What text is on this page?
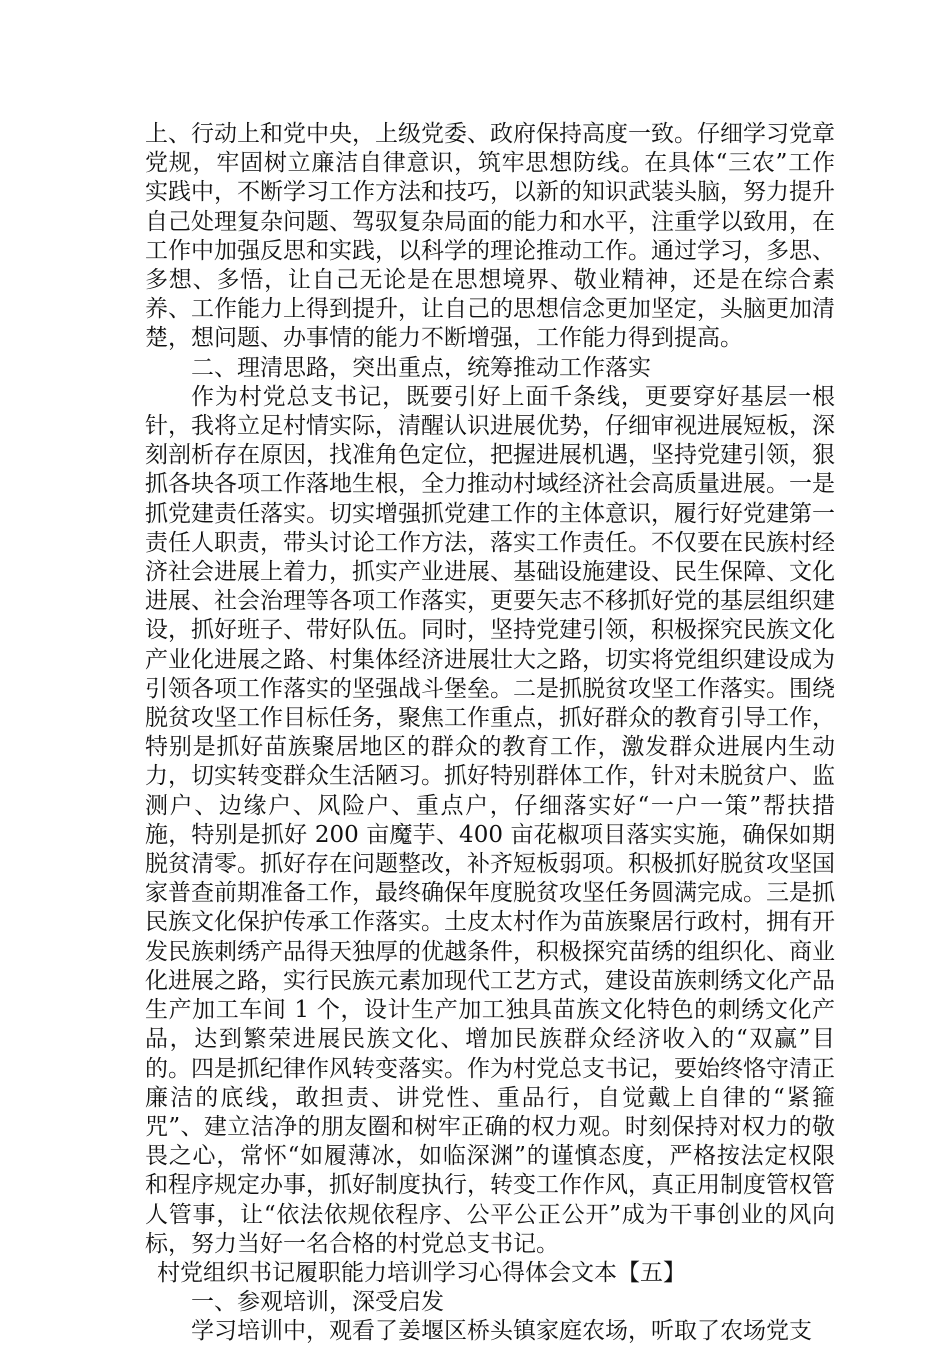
上、行动上和党中央，上级党委、政府保持高度一致。仔细学习党章党规，牢固树立廉洁自律意识，筑牢思想防线。在具体“三农”工作实践中，不断学习工作方法和技巧，以新的知识武装头脑，努力提升自己处理复杂问题、驾驭复杂局面的能力和水平，注重学以致用，在工作中加强反思和实践，以科学的理论推动工作。通过学习，多思、多想、多悟，让自己无论是在思想境界、敬业精神，还是在综合素养、工作能力上得到提升，让自己的思想信念更加坚定，头脑更加清楚，想问题、办事情的能力不断增强，工作能力得到提高。

二、理清思路，突出重点，统筹推动工作落实

作为村党总支书记，既要引好上面千条线，更要穿好基层一根针，我将立足村情实际，清醒认识进展优势，仔细审视进展短板，深刻剖析存在原因，找准角色定位，把握进展机遇，坚持党建引领，狠抓各块各项工作落地生根，全力推动村域经济社会高质量进展。一是抓党建责任落实。切实增强抓党建工作的主体意识，履行好党建第一责任人职责，带头讨论工作方法，落实工作责任。不仅要在民族村经济社会进展上着力，抓实产业进展、基础设施建设、民生保障、文化进展、社会治理等各项工作落实，更要矢志不移抓好党的基层组织建设，抓好班子、带好队伍。同时，坚持党建引领，积极探究民族文化产业化进展之路、村集体经济进展壮大之路，切实将党组织建设成为引领各项工作落实的坚强战斗堡垒。二是抓脱贫攻坚工作落实。围绕脱贫攻坚工作目标任务，聚焦工作重点，抓好群众的教育引导工作，特别是抓好苗族聚居地区的群众的教育工作，激发群众进展内生动力，切实转变群众生活陋习。抓好特别群体工作，针对未脱贫户、监测户、边缘户、风险户、重点户，仔细落实好“一户一策”帮扶措施，特别是抓好 200 亩魔芋、400 亩花椒项目落实实施，确保如期脱贫清零。抓好存在问题整改，补齐短板弱项。积极抓好脱贫攻坚国家普查前期准备工作，最终确保年度脱贫攻坚任务圆满完成。三是抓民族文化保护传承工作落实。土皮太村作为苗族聚居行政村，拥有开发民族刺绣产品得天独厚的优越条件，积极探究苗绣的组织化、商业化进展之路，实行民族元素加现代工艺方式，建设苗族刺绣文化产品生产加工车间 1 个，设计生产加工独具苗族文化特色的刺绣文化产品，达到繁荣进展民族文化、增加民族群众经济收入的“双赢”目的。四是抓纪律作风转变落实。作为村党总支书记，要始终恪守清正廉洁的底线，敢担责、讲党性、重品行，自觉戴上自律的“紧箍咒”、建立洁净的朋友圈和树牢正确的权力观。时刻保持对权力的敬畏之心，常怀“如履薄冰，如临深渊”的谨慎态度，严格按法定权限和程序规定办事，抓好制度执行，转变工作作风，真正用制度管权管人管事，让“依法依规依程序、公平公正公开”成为干事创业的风向标，努力当好一名合格的村党总支书记。

村党组织书记履职能力培训学习心得体会文本【五】

一、参观培训，深受启发

学习培训中，观看了姜堰区桥头镇家庭农场，听取了农场党支
